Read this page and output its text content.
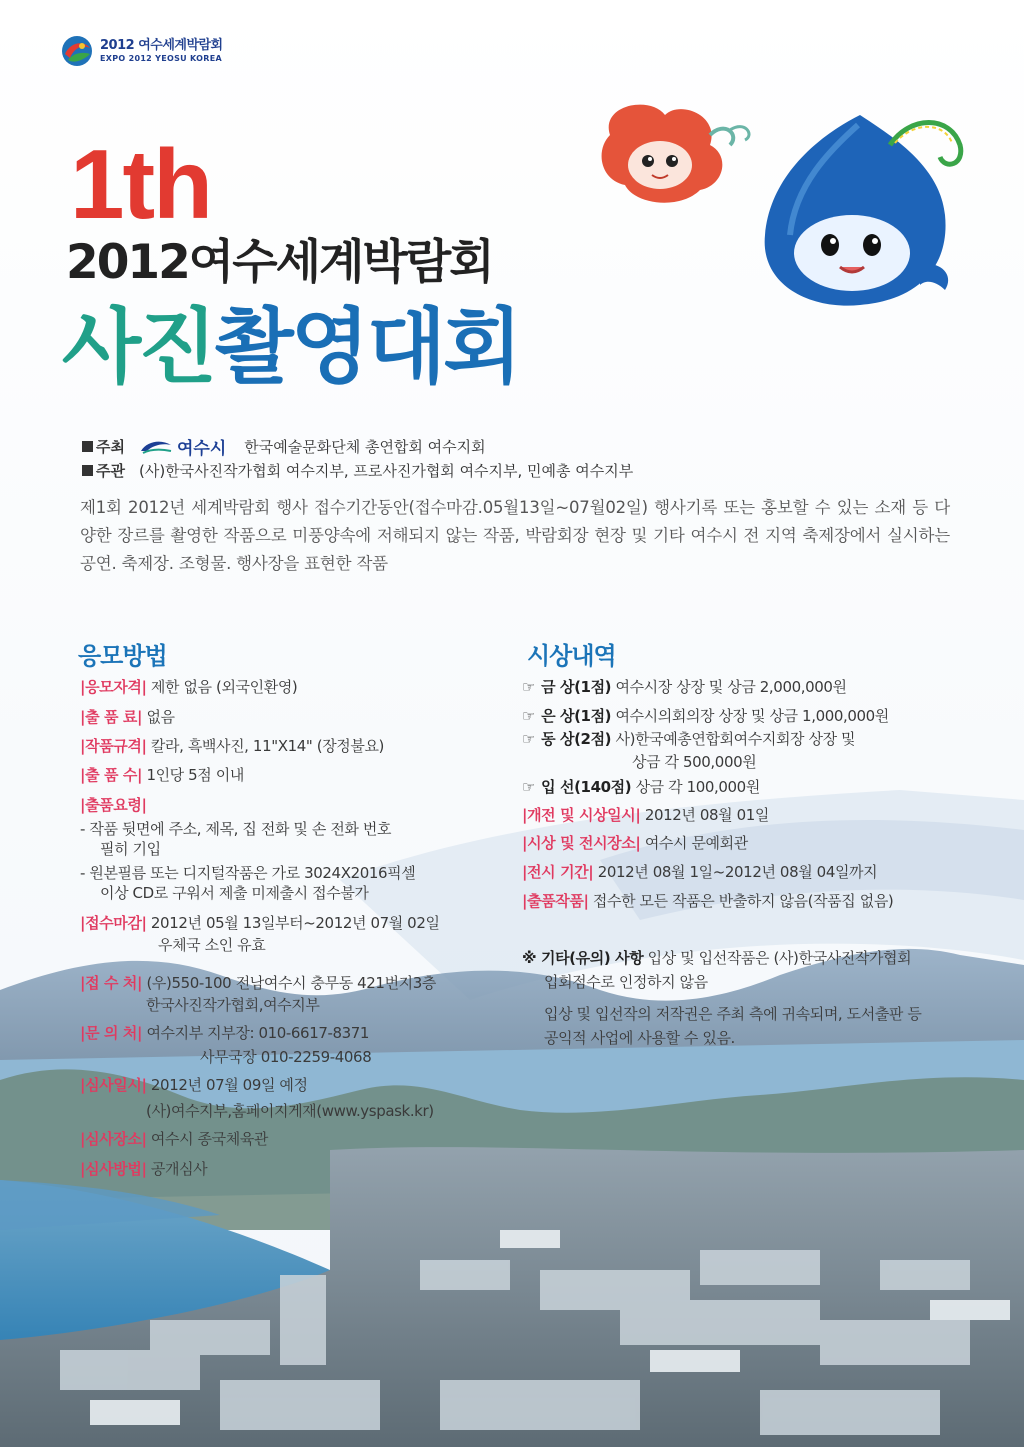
2012 여수세계박람회
EXPO 2012 YEOSU KOREA
1th
2012여수세계박람회
사진촬영대회
주최	여수시 한국예술문화단체 총연합회 여수지회
주관 (사)한국사진작가협회 여수지부, 프로사진가협회 여수지부, 민예총 여수지부
제1회 2012년 세계박람회 행사 접수기간동안(접수마감.05월13일~07월02일) 행사기록 또는 홍보할 수 있는 소재 등 다양한 장르를 촬영한 작품으로 미풍양속에 저해되지 않는 작품, 박람회장 현장 및 기타 여수시 전 지역 축제장에서 실시하는 공연. 축제장. 조형물. 행사장을 표현한 작품
응모방법
|응모자격| 제한 없음 (외국인환영)
|출 품 료| 없음
|작품규격| 칼라, 흑백사진, 11"X14" (장정불요)
|출 품 수| 1인당 5점 이내
|출품요령|
- 작품 뒷면에 주소, 제목, 집 전화 및 손 전화 번호
필히 기입
- 원본필름 또는 디지털작품은 가로 3024X2016픽셀
이상 CD로 구워서 제출 미제출시 접수불가
|접수마감| 2012년 05월 13일부터~2012년 07월 02일
우체국 소인 유효
|접 수 처| (우)550-100 전남여수시 충무동 421번지3층
한국사진작가협회,여수지부
|문 의 처| 여수지부 지부장: 010-6617-8371
사무국장 010-2259-4068
|심사일시| 2012년 07월 09일 예정
(사)여수지부,홈페이지게재(www.yspask.kr)
|심사장소| 여수시 종국체육관
|심사방법| 공개심사
시상내역
☞ 금 상(1점) 여수시장 상장 및 상금 2,000,000원
☞ 은 상(1점) 여수시의회의장 상장 및 상금 1,000,000원
☞ 동 상(2점) 사)한국예총연합회여수지회장 상장 및
상금 각 500,000원
☞ 입 선(140점) 상금 각 100,000원
|개전 및 시상일시| 2012년 08월 01일
|시상 및 전시장소| 여수시 문예회관
|전시 기간| 2012년 08월 1일~2012년 08월 04일까지
|출품작품| 접수한 모든 작품은 반출하지 않음(작품집 없음)
※ 기타(유의) 사항 입상 및 입선작품은 (사)한국사진작가협회
입회점수로 인정하지 않음
입상 및 입선작의 저작권은 주최 측에 귀속되며, 도서출판 등
공익적 사업에 사용할 수 있음.
